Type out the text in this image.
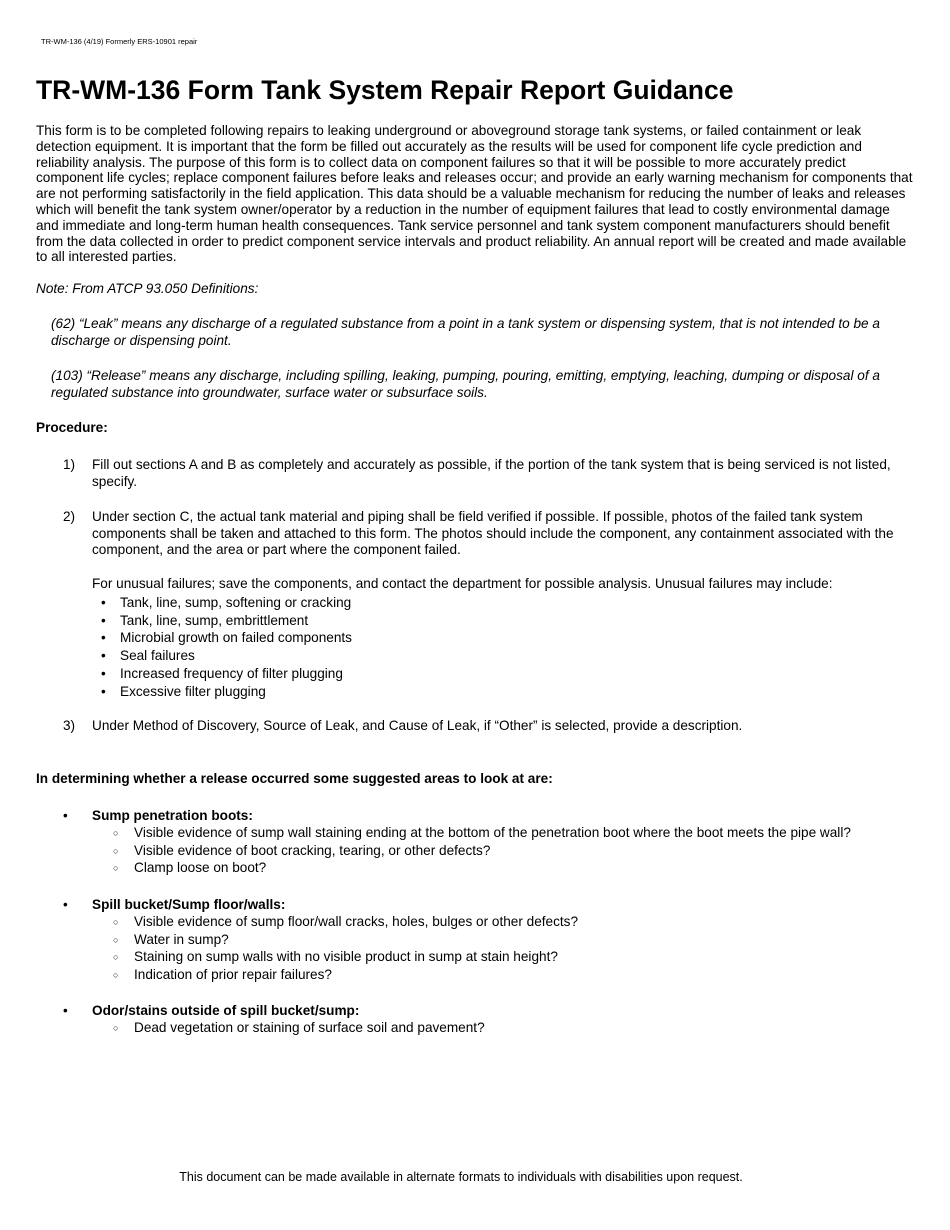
TR-WM-136 (4/19) Formerly ERS-10901 repair
TR-WM-136 Form Tank System Repair Report Guidance

This form is to be completed following repairs to leaking underground or aboveground storage tank systems, or failed containment or leak detection equipment. It is important that the form be filled out accurately as the results will be used for component life cycle prediction and reliability analysis. The purpose of this form is to collect data on component failures so that it will be possible to more accurately predict component life cycles; replace component failures before leaks and releases occur; and provide an early warning mechanism for components that are not performing satisfactorily in the field application. This data should be a valuable mechanism for reducing the number of leaks and releases which will benefit the tank system owner/operator by a reduction in the number of equipment failures that lead to costly environmental damage and immediate and long-term human health consequences. Tank service personnel and tank system component manufacturers should benefit from the data collected in order to predict component service intervals and product reliability. An annual report will be created and made available to all interested parties.

Note: From ATCP 93.050 Definitions:

(62) “Leak” means any discharge of a regulated substance from a point in a tank system or dispensing system, that is not intended to be a discharge or dispensing point.

(103) “Release” means any discharge, including spilling, leaking, pumping, pouring, emitting, emptying, leaching, dumping or disposal of a regulated substance into groundwater, surface water or subsurface soils.

Procedure:
1) Fill out sections A and B as completely and accurately as possible, if the portion of the tank system that is being serviced is not listed, specify.
2) Under section C, the actual tank material and piping shall be field verified if possible. If possible, photos of the failed tank system components shall be taken and attached to this form. The photos should include the component, any containment associated with the component, and the area or part where the component failed.
For unusual failures; save the components, and contact the department for possible analysis. Unusual failures may include:
• Tank, line, sump, softening or cracking
• Tank, line, sump, embrittlement
• Microbial growth on failed components
• Seal failures
• Increased frequency of filter plugging
• Excessive filter plugging
3) Under Method of Discovery, Source of Leak, and Cause of Leak, if “Other” is selected, provide a description.
In determining whether a release occurred some suggested areas to look at are:
• Sump penetration boots:
○ Visible evidence of sump wall staining ending at the bottom of the penetration boot where the boot meets the pipe wall?
○ Visible evidence of boot cracking, tearing, or other defects?
○ Clamp loose on boot?
• Spill bucket/Sump floor/walls:
○ Visible evidence of sump floor/wall cracks, holes, bulges or other defects?
○ Water in sump?
○ Staining on sump walls with no visible product in sump at stain height?
○ Indication of prior repair failures?
• Odor/stains outside of spill bucket/sump:
○ Dead vegetation or staining of surface soil and pavement?
This document can be made available in alternate formats to individuals with disabilities upon request.
